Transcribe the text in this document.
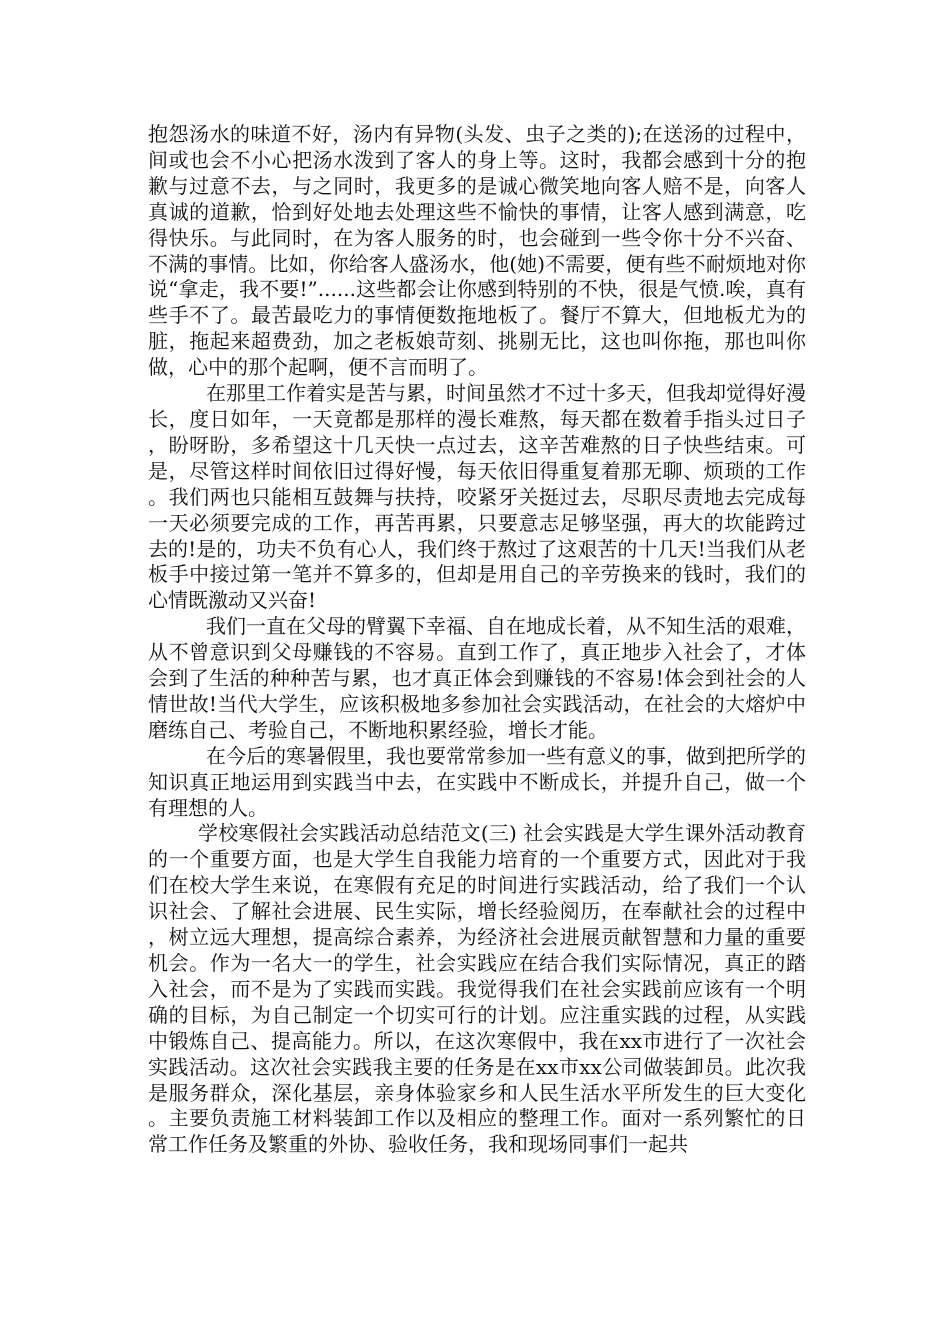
抱怨汤水的味道不好，汤内有异物(头发、虫子之类的);在送汤的过程中，间或也会不小心把汤水泼到了客人的身上等。这时，我都会感到十分的抱歉与过意不去，与之同时，我更多的是诚心微笑地向客人赔不是，向客人真诚的道歉，恰到好处地去处理这些不愉快的事情，让客人感到满意，吃得快乐。与此同时，在为客人服务的时，也会碰到一些令你十分不兴奋、不满的事情。比如，你给客人盛汤水，他(她)不需要，便有些不耐烦地对你说“拿走，我不要!”......这些都会让你感到特别的不快，很是气愤.唉，真有些手不了。最苦最吃力的事情便数拖地板了。餐厅不算大，但地板尤为的脏，拖起来超费劲，加之老板娘苛刻、挑剔无比，这也叫你拖，那也叫你做，心中的那个起啊，便不言而明了。

在那里工作着实是苦与累，时间虽然才不过十多天，但我却觉得好漫长，度日如年，一天竟都是那样的漫长难熬，每天都在数着手指头过日子，盼呀盼，多希望这十几天快一点过去，这辛苦难熬的日子快些结束。可是，尽管这样时间依旧过得好慢，每天依旧得重复着那无聊、烦琐的工作。我们两也只能相互鼓舞与扶持，咬紧牙关挺过去，尽职尽责地去完成每一天必须要完成的工作，再苦再累，只要意志足够坚强，再大的坎能跨过去的!是的，功夫不负有心人，我们终于熬过了这艰苦的十几天!当我们从老板手中接过第一笔并不算多的，但却是用自己的辛劳换来的钱时，我们的心情既激动又兴奋!

我们一直在父母的臂翼下幸福、自在地成长着，从不知生活的艰难，从不曾意识到父母赚钱的不容易。直到工作了，真正地步入社会了，才体会到了生活的种种苦与累，也才真正体会到赚钱的不容易!体会到社会的人情世故!当代大学生，应该积极地多参加社会实践活动，在社会的大熔炉中磨练自己、考验自己，不断地积累经验，增长才能。

在今后的寒暑假里，我也要常常参加一些有意义的事，做到把所学的知识真正地运用到实践当中去，在实践中不断成长，并提升自己，做一个有理想的人。

学校寒假社会实践活动总结范文(三) 社会实践是大学生课外活动教育的一个重要方面，也是大学生自我能力培育的一个重要方式，因此对于我们在校大学生来说，在寒假有充足的时间进行实践活动，给了我们一个认识社会、了解社会进展、民生实际，增长经验阅历，在奉献社会的过程中，树立远大理想，提高综合素养，为经济社会进展贡献智慧和力量的重要机会。作为一名大一的学生，社会实践应在结合我们实际情况，真正的踏入社会，而不是为了实践而实践。我觉得我们在社会实践前应该有一个明确的目标，为自己制定一个切实可行的计划。应注重实践的过程，从实践中锻炼自己、提高能力。所以，在这次寒假中，我在xx市进行了一次社会实践活动。这次社会实践我主要的任务是在xx市xx公司做装卸员。此次我是服务群众，深化基层，亲身体验家乡和人民生活水平所发生的巨大变化。主要负责施工材料装卸工作以及相应的整理工作。面对一系列繁忙的日常工作任务及繁重的外协、验收任务，我和现场同事们一起共
